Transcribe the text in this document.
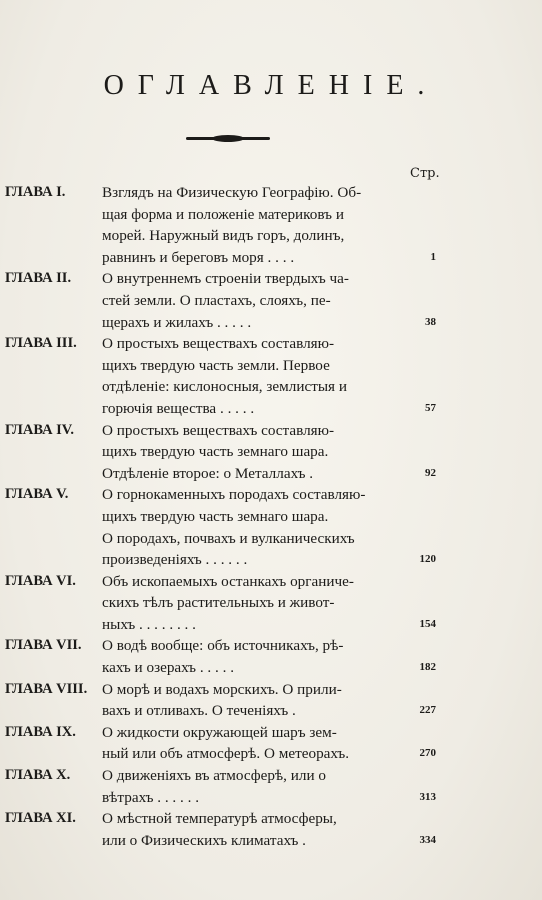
ОГЛАВЛЕНІЕ.
Стр.
ГЛАВА I.	Взглядъ на Физическую Географію. Об-
щая форма и положеніе материковъ и
морей. Наружный видъ горъ, долинъ,
равнинъ и береговъ моря . . . .	1
ГЛАВА II.	О внутреннемъ строеніи твердыхъ ча-
стей земли. О пластахъ, слояхъ, пе-
щерахъ и жилахъ . . . . .	38
ГЛАВА III.	О простыхъ веществахъ составляю-
щихъ твердую часть земли. Первое
отдѣленіе: кислоносныя, землистыя и
горючія вещества . . . . .	57
ГЛАВА IV.	О простыхъ веществахъ составляю-
щихъ твердую часть земнаго шара.
Отдѣленіе второе: о Металлахъ .	92
ГЛАВА V.	О горнокаменныхъ породахъ составляю-
щихъ твердую часть земнаго шара.
О породахъ, почвахъ и вулканическихъ
произведеніяхъ . . . . . .	120
ГЛАВА VI.	Объ ископаемыхъ останкахъ органиче-
скихъ тѣлъ растительныхъ и живот-
ныхъ . . . . . . . .	154
ГЛАВА VII.	О водѣ вообще: объ источникахъ, рѣ-
кахъ и озерахъ . . . . .	182
ГЛАВА VIII. О морѣ и водахъ морскихъ. О прили-
вахъ и отливахъ. О теченіяхъ .	227
ГЛАВА IX.	О жидкости окружающей шаръ зем-
ный или объ атмосферѣ. О метеорахъ.	270
ГЛАВА X.	О движеніяхъ въ атмосферѣ, или о
вѣтрахъ . . . . . .	313
ГЛАВА XI.	О мѣстной температурѣ атмосферы,
или о Физическихъ климатахъ .	334
